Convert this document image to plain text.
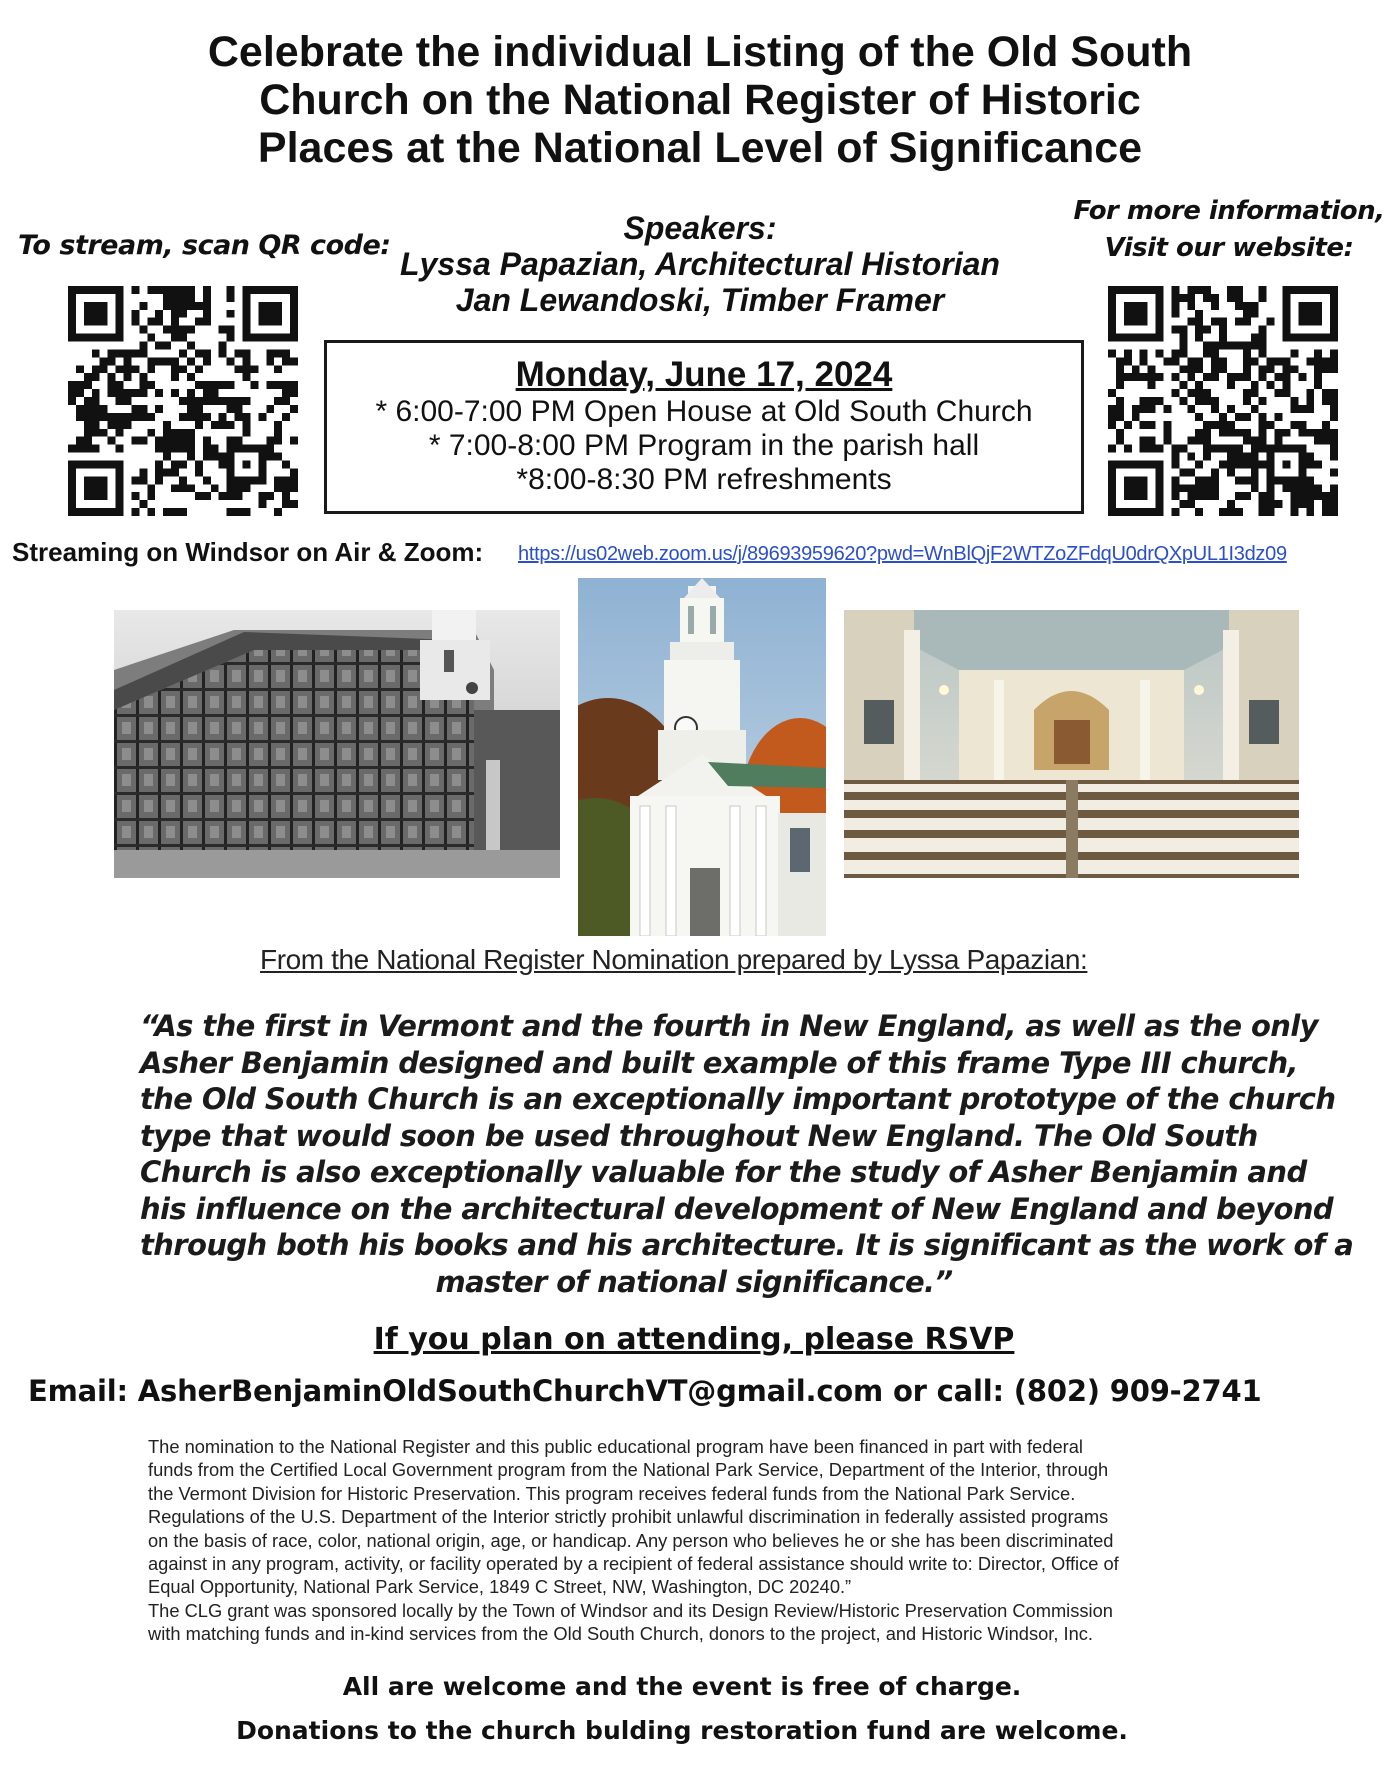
Celebrate the individual Listing of the Old South
Church on the National Register of Historic
Places at the National Level of Significance
To stream, scan QR code:
For more information,
Visit our website:
Speakers:
Lyssa Papazian, Architectural Historian
Jan Lewandoski, Timber Framer
Monday, June 17, 2024
* 6:00-7:00 PM Open House at Old South Church
* 7:00-8:00 PM Program in the parish hall
*8:00-8:30 PM refreshments
Streaming on Windsor on Air & Zoom: https://us02web.zoom.us/j/89693959620?pwd=WnBlQjF2WTZoZFdqU0drQXpUL1I3dz09
From the National Register Nomination prepared by Lyssa Papazian:
“As the first in Vermont and the fourth in New England, as well as the only
Asher Benjamin designed and built example of this frame Type III church,
the Old South Church is an exceptionally important prototype of the church
type that would soon be used throughout New England. The Old South
Church is also exceptionally valuable for the study of Asher Benjamin and
his influence on the architectural development of New England and beyond
through both his books and his architecture. It is significant as the work of a
master of national significance.”
If you plan on attending, please RSVP
Email: AsherBenjaminOldSouthChurchVT@gmail.com or call: (802) 909-2741
The nomination to the National Register and this public educational program have been financed in part with federal
funds from the Certified Local Government program from the National Park Service, Department of the Interior, through
the Vermont Division for Historic Preservation. This program receives federal funds from the National Park Service.
Regulations of the U.S. Department of the Interior strictly prohibit unlawful discrimination in federally assisted programs
on the basis of race, color, national origin, age, or handicap. Any person who believes he or she has been discriminated
against in any program, activity, or facility operated by a recipient of federal assistance should write to: Director, Office of
Equal Opportunity, National Park Service, 1849 C Street, NW, Washington, DC 20240.”
The CLG grant was sponsored locally by the Town of Windsor and its Design Review/Historic Preservation Commission
with matching funds and in-kind services from the Old South Church, donors to the project, and Historic Windsor, Inc.
All are welcome and the event is free of charge.
Donations to the church bulding restoration fund are welcome.
